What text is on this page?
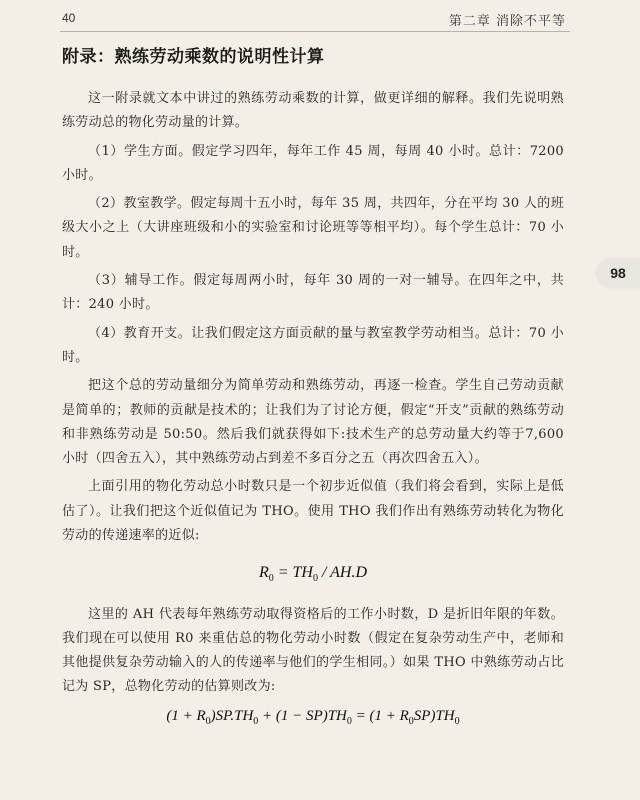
40	第二章 消除不平等
98
附录：熟练劳动乘数的说明性计算

这一附录就文本中讲过的熟练劳动乘数的计算，做更详细的解释。我们先说明熟练劳动总的物化劳动量的计算。

（1）学生方面。假定学习四年，每年工作 45 周，每周 40 小时。总计：7200 小时。

（2）教室教学。假定每周十五小时，每年 35 周，共四年，分在平均 30 人的班级大小之上（大讲座班级和小的实验室和讨论班等等相平均）。每个学生总计：70 小时。

（3）辅导工作。假定每周两小时，每年 30 周的一对一辅导。在四年之中，共计：240 小时。

（4）教育开支。让我们假定这方面贡献的量与教室教学劳动相当。总计：70 小时。

把这个总的劳动量细分为简单劳动和熟练劳动，再逐一检查。学生自己劳动贡献是简单的；教师的贡献是技术的；让我们为了讨论方便，假定“开支”贡献的熟练劳动和非熟练劳动是 50:50。然后我们就获得如下:技术生产的总劳动量大约等于7,600 小时（四舍五入），其中熟练劳动占到差不多百分之五（再次四舍五入）。

上面引用的物化劳动总小时数只是一个初步近似值（我们将会看到，实际上是低估了）。让我们把这个近似值记为 THO。使用 THO 我们作出有熟练劳动转化为物化劳动的传递速率的近似:

$R_0 = TH_0 / AH.D$

这里的 AH 代表每年熟练劳动取得资格后的工作小时数，D 是折旧年限的年数。我们现在可以使用 R0 来重估总的物化劳动小时数（假定在复杂劳动生产中，老师和其他提供复杂劳动输入的人的传递率与他们的学生相同。）如果 THO 中熟练劳动占比记为 SP，总物化劳动的估算则改为:

$(1 + R_0)SP.TH_0 + (1 - SP)TH_0 = (1 + R_0SP)TH_0$
